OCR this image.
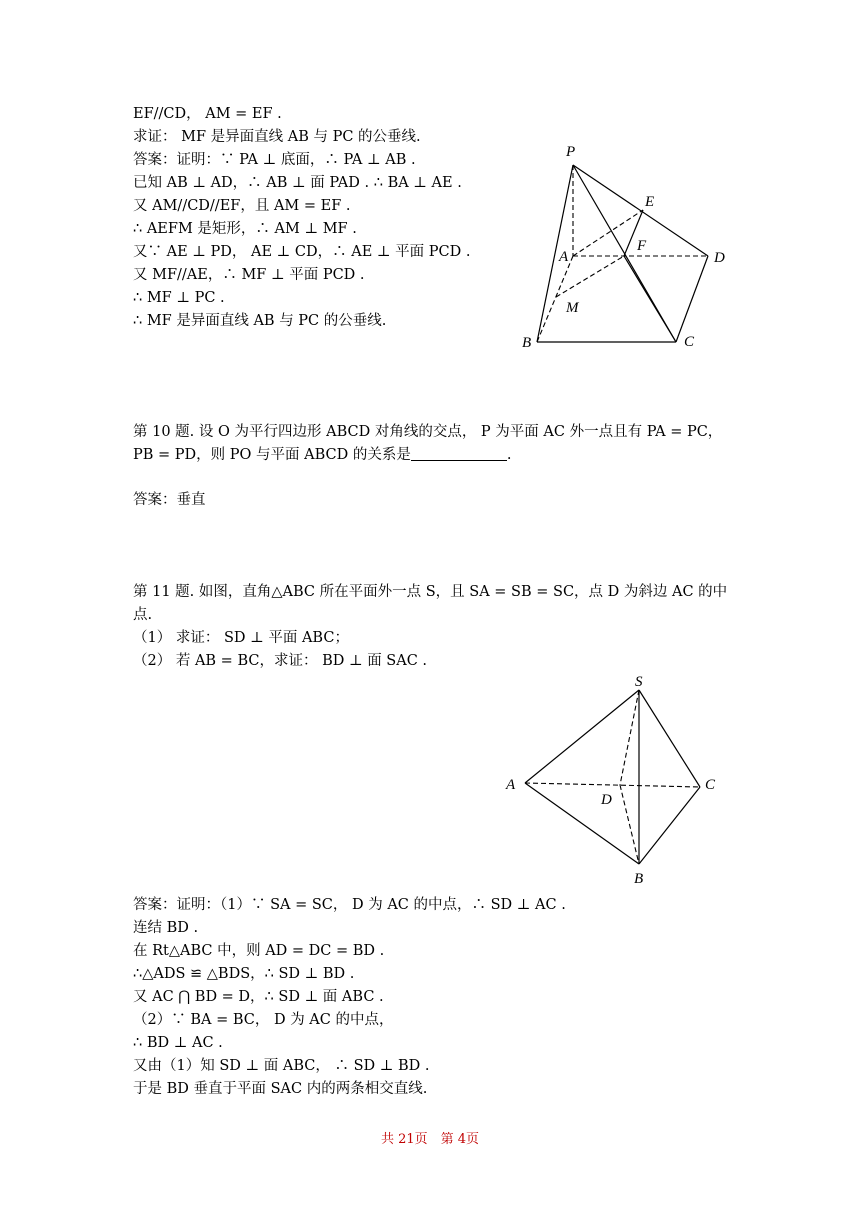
EF//CD， AM = EF .
求证： MF 是异面直线 AB 与 PC 的公垂线.
答案：证明：∵ PA ⊥ 底面，∴ PA ⊥ AB .
已知 AB ⊥ AD，∴ AB ⊥ 面 PAD . ∴ BA ⊥ AE .
又 AM//CD//EF，且 AM = EF .
∴ AEFM 是矩形，∴ AM ⊥ MF .
又∵ AE ⊥ PD， AE ⊥ CD，∴ AE ⊥ 平面 PCD .
又 MF//AE，∴ MF ⊥ 平面 PCD .
∴ MF ⊥ PC .
∴ MF 是异面直线 AB 与 PC 的公垂线.
P
E
F
A	D
M
B	C
第 10 题. 设 O 为平行四边形 ABCD 对角线的交点， P 为平面 AC 外一点且有 PA = PC，
PB = PD，则 PO 与平面 ABCD 的关系是	.
答案：垂直
第 11 题. 如图，直角△ABC 所在平面外一点 S，且 SA = SB = SC，点 D 为斜边 AC 的中
点.
（1） 求证： SD ⊥ 平面 ABC；
（2） 若 AB = BC，求证： BD ⊥ 面 SAC .
S
A	C
D
B
答案：证明：（1）∵ SA = SC， D 为 AC 的中点，∴ SD ⊥ AC .
连结 BD .
在 Rt△ABC 中，则 AD = DC = BD .
∴△ADS ≌ △BDS，∴ SD ⊥ BD .
又 AC ⋂ BD = D，∴ SD ⊥ 面 ABC .
（2）∵ BA = BC， D 为 AC 的中点，
∴ BD ⊥ AC .
又由（1）知 SD ⊥ 面 ABC， ∴ SD ⊥ BD .
于是 BD 垂直于平面 SAC 内的两条相交直线.
共 21页　第 4页
